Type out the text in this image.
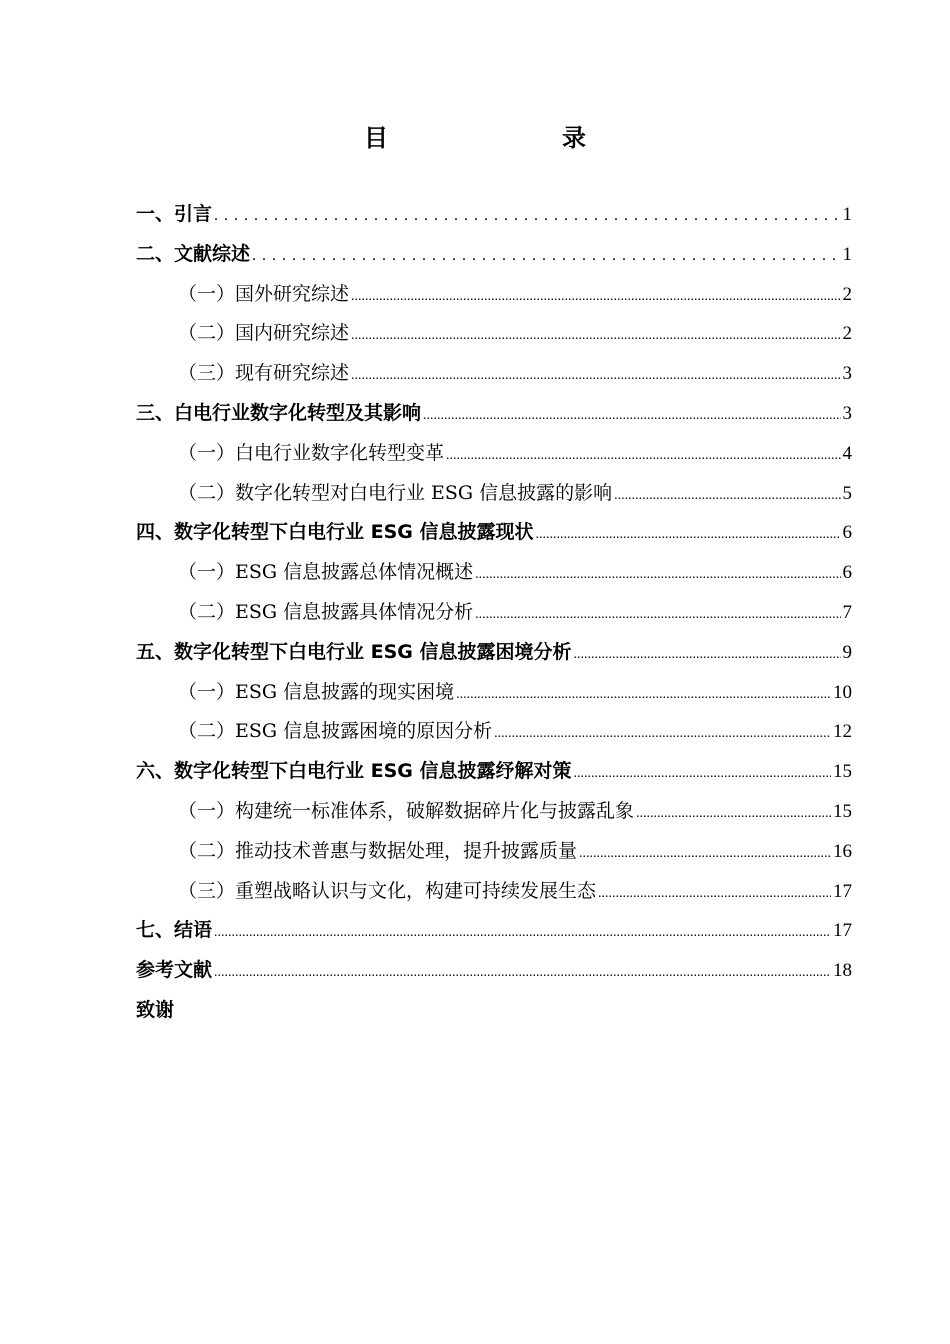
目　　录
一、引言 .....	1
二、文献综述 .....	1
（一）国外研究综述 .....	2
（二）国内研究综述 .....	2
（三）现有研究综述 .....	3
三、白电行业数字化转型及其影响 .....	3
（一）白电行业数字化转型变革 .....	4
（二）数字化转型对白电行业 ESG 信息披露的影响 .....	5
四、数字化转型下白电行业 ESG 信息披露现状 .....	6
（一）ESG 信息披露总体情况概述 .....	6
（二）ESG 信息披露具体情况分析 .....	7
五、数字化转型下白电行业 ESG 信息披露困境分析 .....	9
（一）ESG 信息披露的现实困境 .....	10
（二）ESG 信息披露困境的原因分析 .....	12
六、数字化转型下白电行业 ESG 信息披露纾解对策 .....	15
（一）构建统一标准体系，破解数据碎片化与披露乱象 .....	15
（二）推动技术普惠与数据处理，提升披露质量 .....	16
（三）重塑战略认识与文化，构建可持续发展生态 .....	17
七、结语 .....	17
参考文献 .....	18
致谢
